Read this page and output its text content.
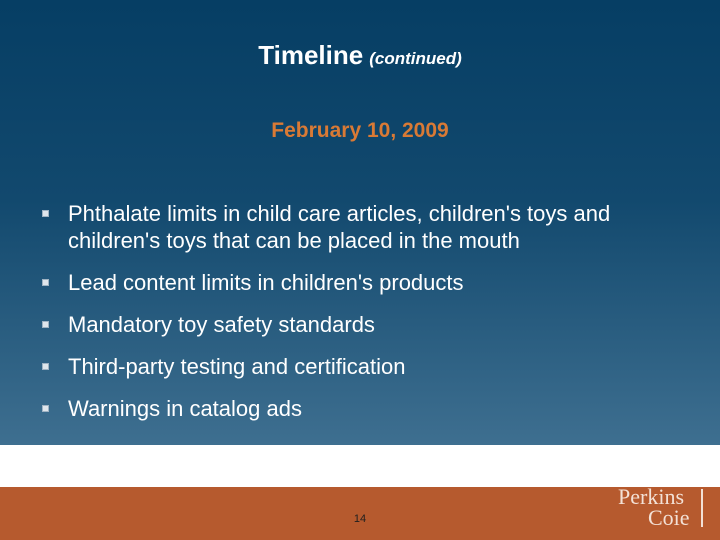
Timeline (continued)
February 10, 2009
Phthalate limits in child care articles, children's toys and children's toys that can be placed in the mouth
Lead content limits in children's products
Mandatory toy safety standards
Third-party testing and certification
Warnings in catalog ads
14
Perkins
Coie
